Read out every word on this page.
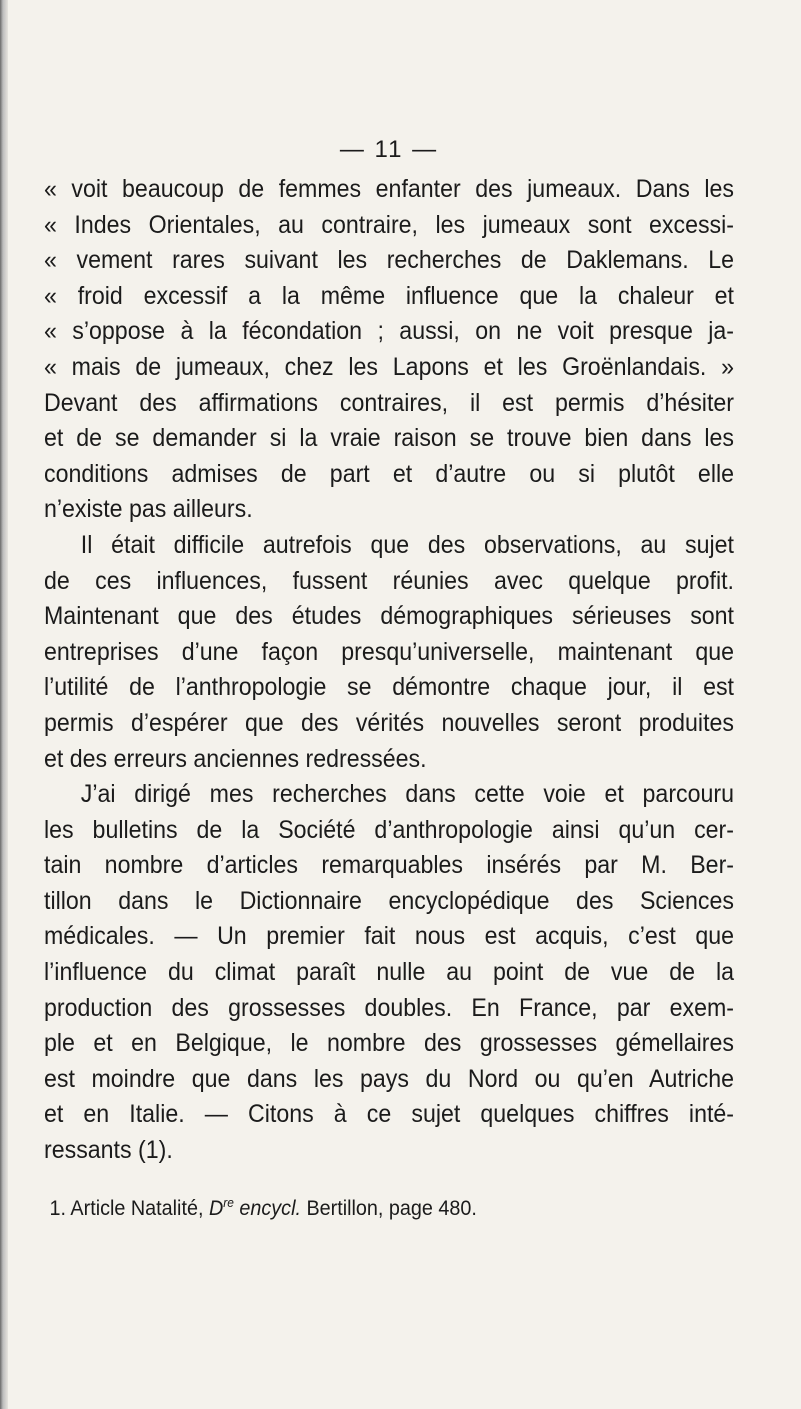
— 11 —

« voit beaucoup de femmes enfanter des jumeaux. Dans les
« Indes Orientales, au contraire, les jumeaux sont excessi-
« vement rares suivant les recherches de Daklemans. Le
« froid excessif a la même influence que la chaleur et
« s’oppose à la fécondation ; aussi, on ne voit presque ja-
« mais de jumeaux, chez les Lapons et les Groënlandais. »
Devant des affirmations contraires, il est permis d’hésiter
et de se demander si la vraie raison se trouve bien dans les
conditions admises de part et d’autre ou si plutôt elle
n’existe pas ailleurs.

Il était difficile autrefois que des observations, au sujet
de ces influences, fussent réunies avec quelque profit.
Maintenant que des études démographiques sérieuses sont
entreprises d’une façon presqu’universelle, maintenant que
l’utilité de l’anthropologie se démontre chaque jour, il est
permis d’espérer que des vérités nouvelles seront produites
et des erreurs anciennes redressées.

J’ai dirigé mes recherches dans cette voie et parcouru
les bulletins de la Société d’anthropologie ainsi qu’un cer-
tain nombre d’articles remarquables insérés par M. Ber-
tillon dans le Dictionnaire encyclopédique des Sciences
médicales. — Un premier fait nous est acquis, c’est que
l’influence du climat paraît nulle au point de vue de la
production des grossesses doubles. En France, par exem-
ple et en Belgique, le nombre des grossesses gémellaires
est moindre que dans les pays du Nord ou qu’en Autriche
et en Italie. — Citons à ce sujet quelques chiffres inté-
ressants (1).

1. Article Natalité, Dre encycl. Bertillon, page 480.
